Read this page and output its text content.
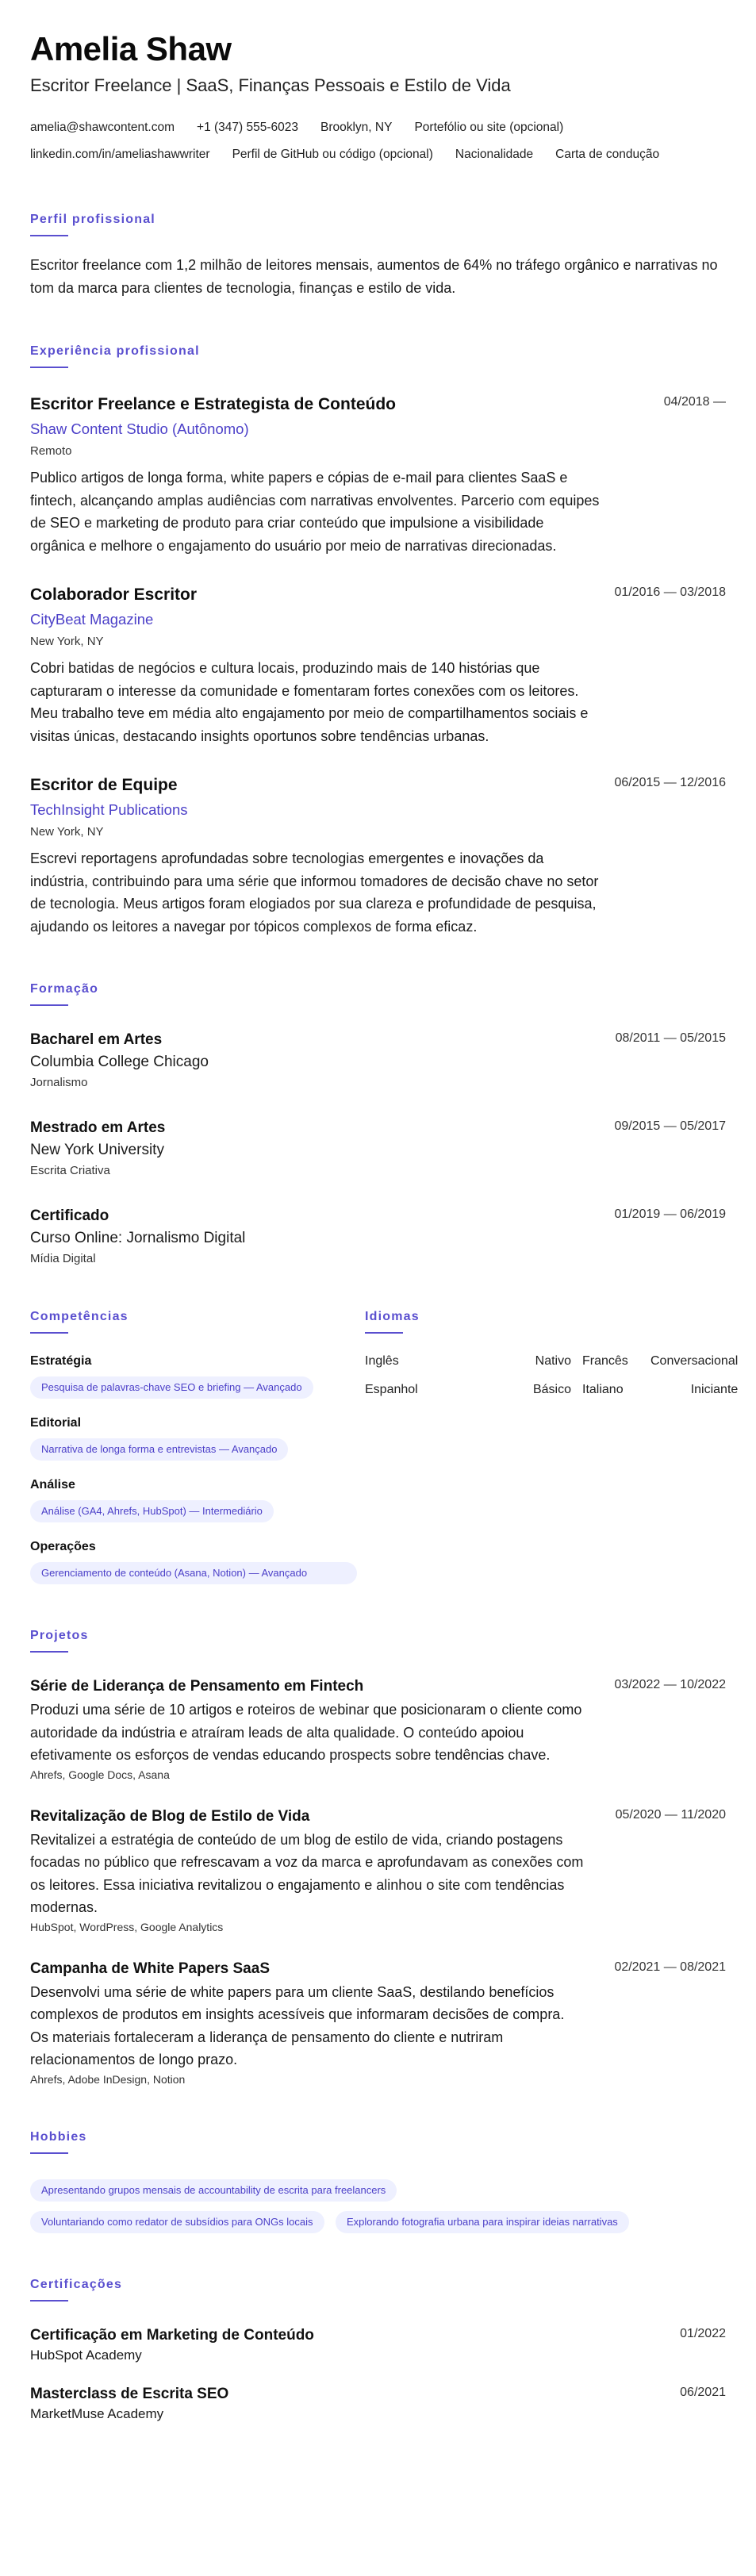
Amelia Shaw
Escritor Freelance | SaaS, Finanças Pessoais e Estilo de Vida
amelia@shawcontent.com +1 (347) 555-6023 Brooklyn, NY Portefólio ou site (opcional)
linkedin.com/in/ameliashawwriter Perfil de GitHub ou código (opcional) Nacionalidade Carta de condução
Perfil profissional
Escritor freelance com 1,2 milhão de leitores mensais, aumentos de 64% no tráfego orgânico e narrativas no tom da marca para clientes de tecnologia, finanças e estilo de vida.
Experiência profissional
Escritor Freelance e Estrategista de Conteúdo	04/2018 —
Shaw Content Studio (Autônomo)
Remoto
Publico artigos de longa forma, white papers e cópias de e-mail para clientes SaaS e fintech, alcançando amplas audiências com narrativas envolventes. Parcerio com equipes de SEO e marketing de produto para criar conteúdo que impulsione a visibilidade orgânica e melhore o engajamento do usuário por meio de narrativas direcionadas.
Colaborador Escritor	01/2016 — 03/2018
CityBeat Magazine
New York, NY
Cobri batidas de negócios e cultura locais, produzindo mais de 140 histórias que capturaram o interesse da comunidade e fomentaram fortes conexões com os leitores. Meu trabalho teve em média alto engajamento por meio de compartilhamentos sociais e visitas únicas, destacando insights oportunos sobre tendências urbanas.
Escritor de Equipe	06/2015 — 12/2016
TechInsight Publications
New York, NY
Escrevi reportagens aprofundadas sobre tecnologias emergentes e inovações da indústria, contribuindo para uma série que informou tomadores de decisão chave no setor de tecnologia. Meus artigos foram elogiados por sua clareza e profundidade de pesquisa, ajudando os leitores a navegar por tópicos complexos de forma eficaz.
Formação
Bacharel em Artes	08/2011 — 05/2015
Columbia College Chicago
Jornalismo
Mestrado em Artes	09/2015 — 05/2017
New York University
Escrita Criativa
Certificado	01/2019 — 06/2019
Curso Online: Jornalismo Digital
Mídia Digital
Competências
Estratégia
Pesquisa de palavras-chave SEO e briefing — Avançado
Editorial
Narrativa de longa forma e entrevistas — Avançado
Análise
Análise (GA4, Ahrefs, HubSpot) — Intermediário
Operações
Gerenciamento de conteúdo (Asana, Notion) — Avançado
Idiomas
Inglês	Nativo Francês	Conversacional
Espanhol	Básico Italiano	Iniciante
Projetos
Série de Liderança de Pensamento em Fintech	03/2022 — 10/2022
Produzi uma série de 10 artigos e roteiros de webinar que posicionaram o cliente como autoridade da indústria e atraíram leads de alta qualidade. O conteúdo apoiou efetivamente os esforços de vendas educando prospects sobre tendências chave.
Ahrefs, Google Docs, Asana
Revitalização de Blog de Estilo de Vida	05/2020 — 11/2020
Revitalizei a estratégia de conteúdo de um blog de estilo de vida, criando postagens focadas no público que refrescavam a voz da marca e aprofundavam as conexões com os leitores. Essa iniciativa revitalizou o engajamento e alinhou o site com tendências modernas.
HubSpot, WordPress, Google Analytics
Campanha de White Papers SaaS	02/2021 — 08/2021
Desenvolvi uma série de white papers para um cliente SaaS, destilando benefícios complexos de produtos em insights acessíveis que informaram decisões de compra. Os materiais fortaleceram a liderança de pensamento do cliente e nutriram relacionamentos de longo prazo.
Ahrefs, Adobe InDesign, Notion
Hobbies
Apresentando grupos mensais de accountability de escrita para freelancers
Voluntariando como redator de subsídios para ONGs locais	Explorando fotografia urbana para inspirar ideias narrativas
Certificações
Certificação em Marketing de Conteúdo	01/2022
HubSpot Academy
Masterclass de Escrita SEO	06/2021
MarketMuse Academy
